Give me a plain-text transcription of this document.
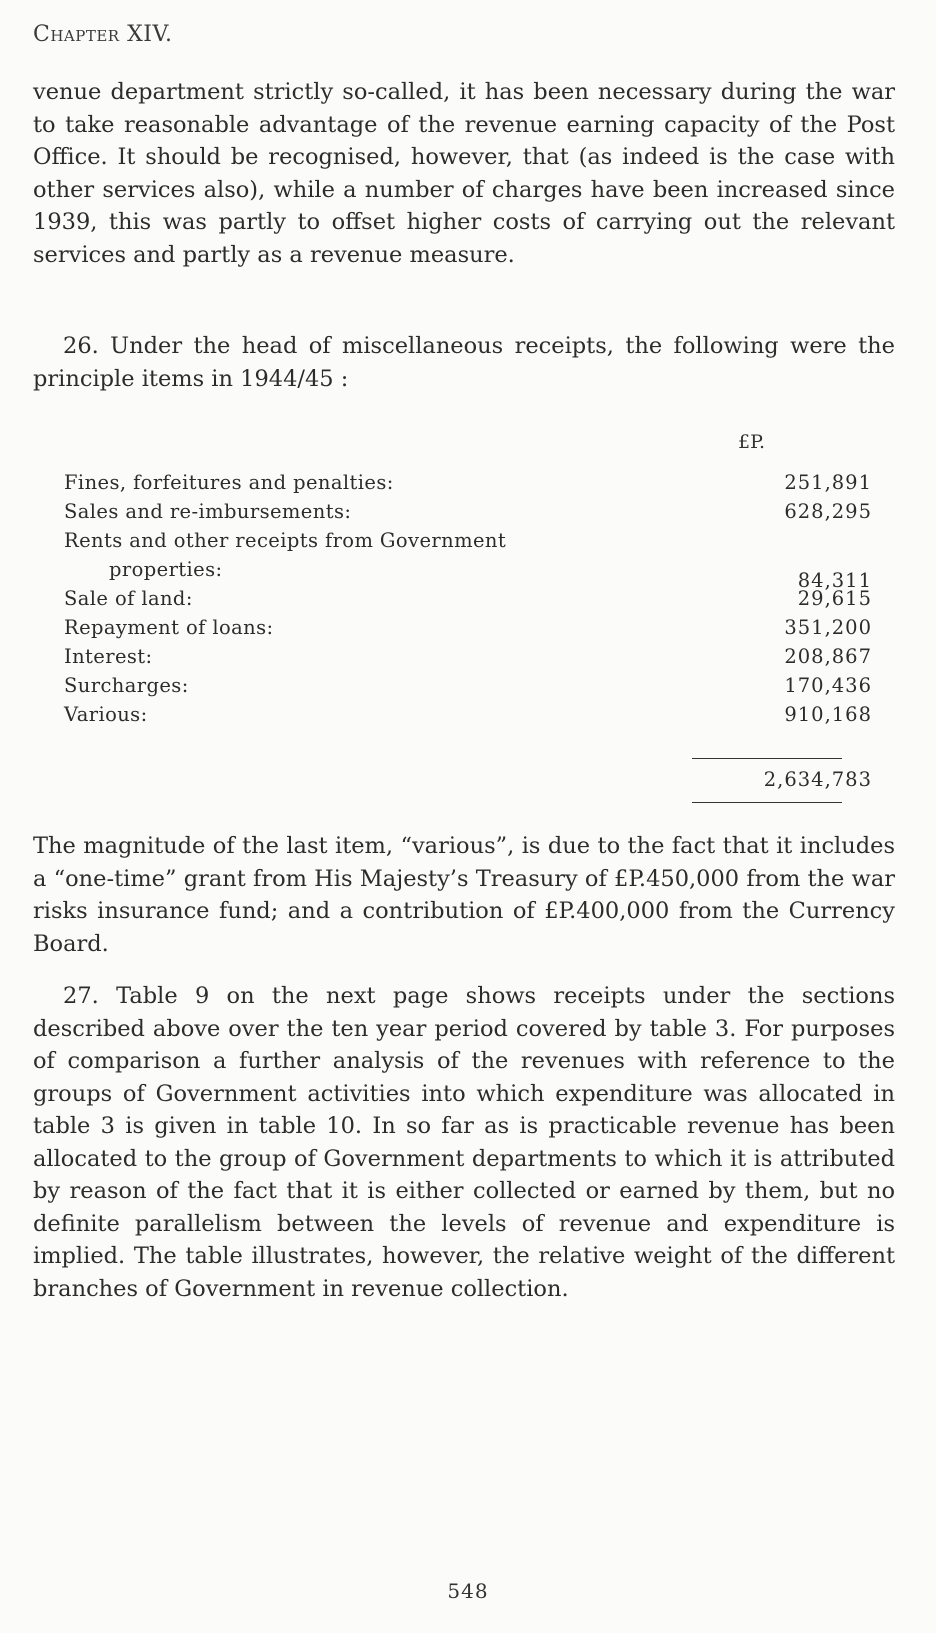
Chapter XIV.

venue department strictly so-called, it has been necessary during the war to take reasonable advantage of the revenue earning capacity of the Post Office. It should be recognised, however, that (as indeed is the case with other services also), while a number of charges have been increased since 1939, this was partly to offset higher costs of carrying out the relevant services and partly as a revenue measure.

26. Under the head of miscellaneous receipts, the following were the principle items in 1944/45 :

£P.
Fines, forfeitures and penalties:	251,891
Sales and re-imbursements:	628,295
Rents and other receipts from Government
properties:	84,311
Sale of land:	29,615
Repayment of loans:	351,200
Interest:	208,867
Surcharges:	170,436
Various:	910,168
2,634,783

The magnitude of the last item, “various”, is due to the fact that it includes a “one-time” grant from His Majesty’s Treasury of £P.450,000 from the war risks insurance fund; and a contribution of £P.400,000 from the Currency Board.

27. Table 9 on the next page shows receipts under the sections described above over the ten year period covered by table 3. For purposes of comparison a further analysis of the revenues with reference to the groups of Government activities into which expenditure was allocated in table 3 is given in table 10. In so far as is practicable revenue has been allocated to the group of Government departments to which it is attributed by reason of the fact that it is either collected or earned by them, but no definite parallelism between the levels of revenue and expenditure is implied. The table illustrates, however, the relative weight of the different branches of Government in revenue collection.

548
